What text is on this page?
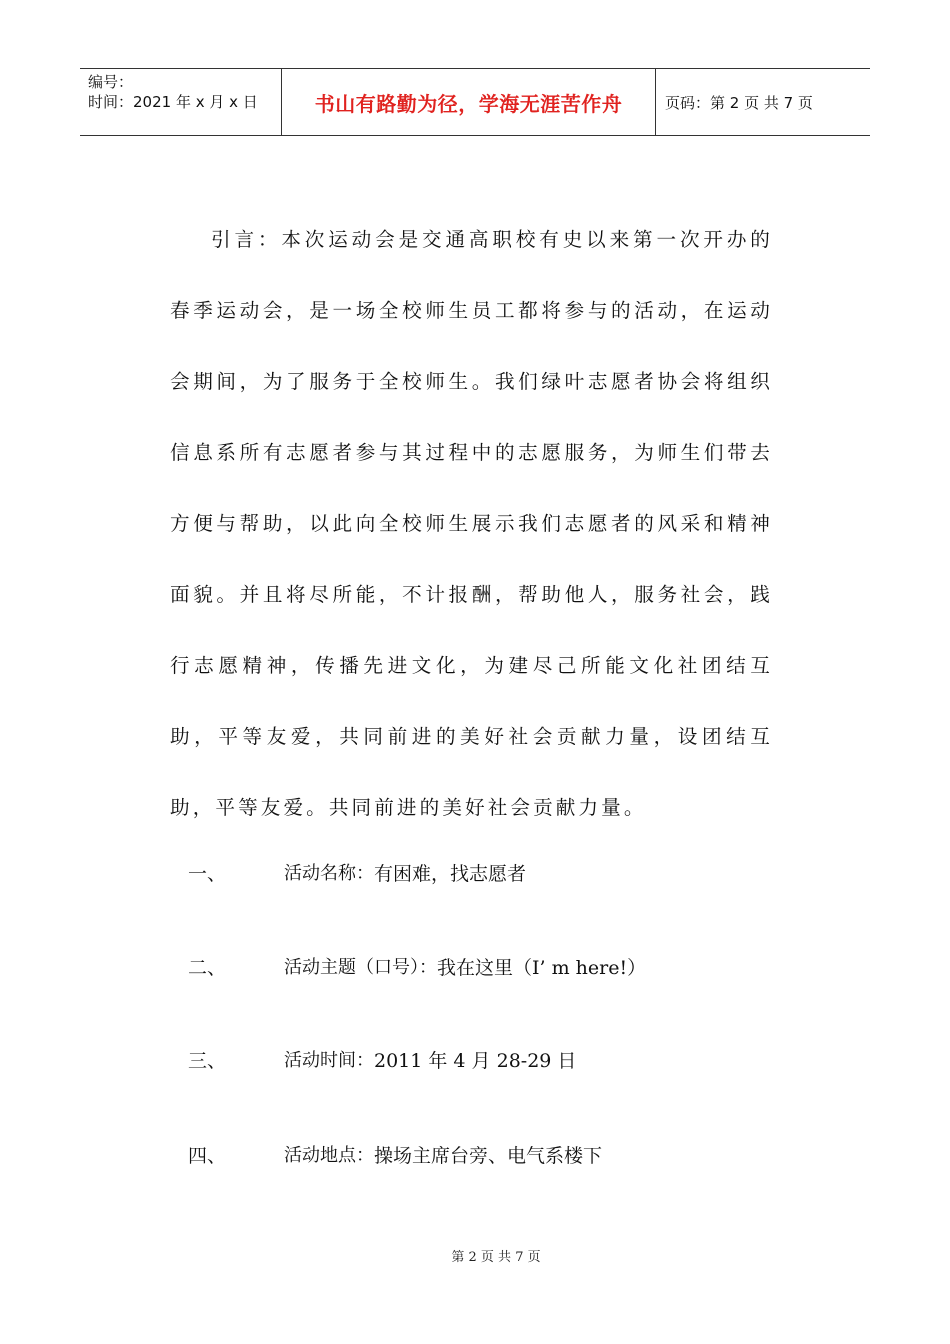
编号：
时间：2021 年 x 月 x 日	书山有路勤为径，学海无涯苦作舟	页码：第 2 页 共 7 页

引言：本次运动会是交通高职校有史以来第一次开办的春季运动会，是一场全校师生员工都将参与的活动，在运动会期间，为了服务于全校师生。我们绿叶志愿者协会将组织信息系所有志愿者参与其过程中的志愿服务，为师生们带去方便与帮助，以此向全校师生展示我们志愿者的风采和精神面貌。并且将尽所能，不计报酬，帮助他人，服务社会，践行志愿精神，传播先进文化，为建尽己所能文化社团结互助，平等友爱，共同前进的美好社会贡献力量，设团结互助，平等友爱。共同前进的美好社会贡献力量。

一、	活动名称： 有困难，找志愿者
二、	活动主题（口号）： 我在这里（I’ m here!）
三、	活动时间： 2011 年 4 月 28-29 日
四、	活动地点： 操场主席台旁、电气系楼下
第 2 页 共 7 页
